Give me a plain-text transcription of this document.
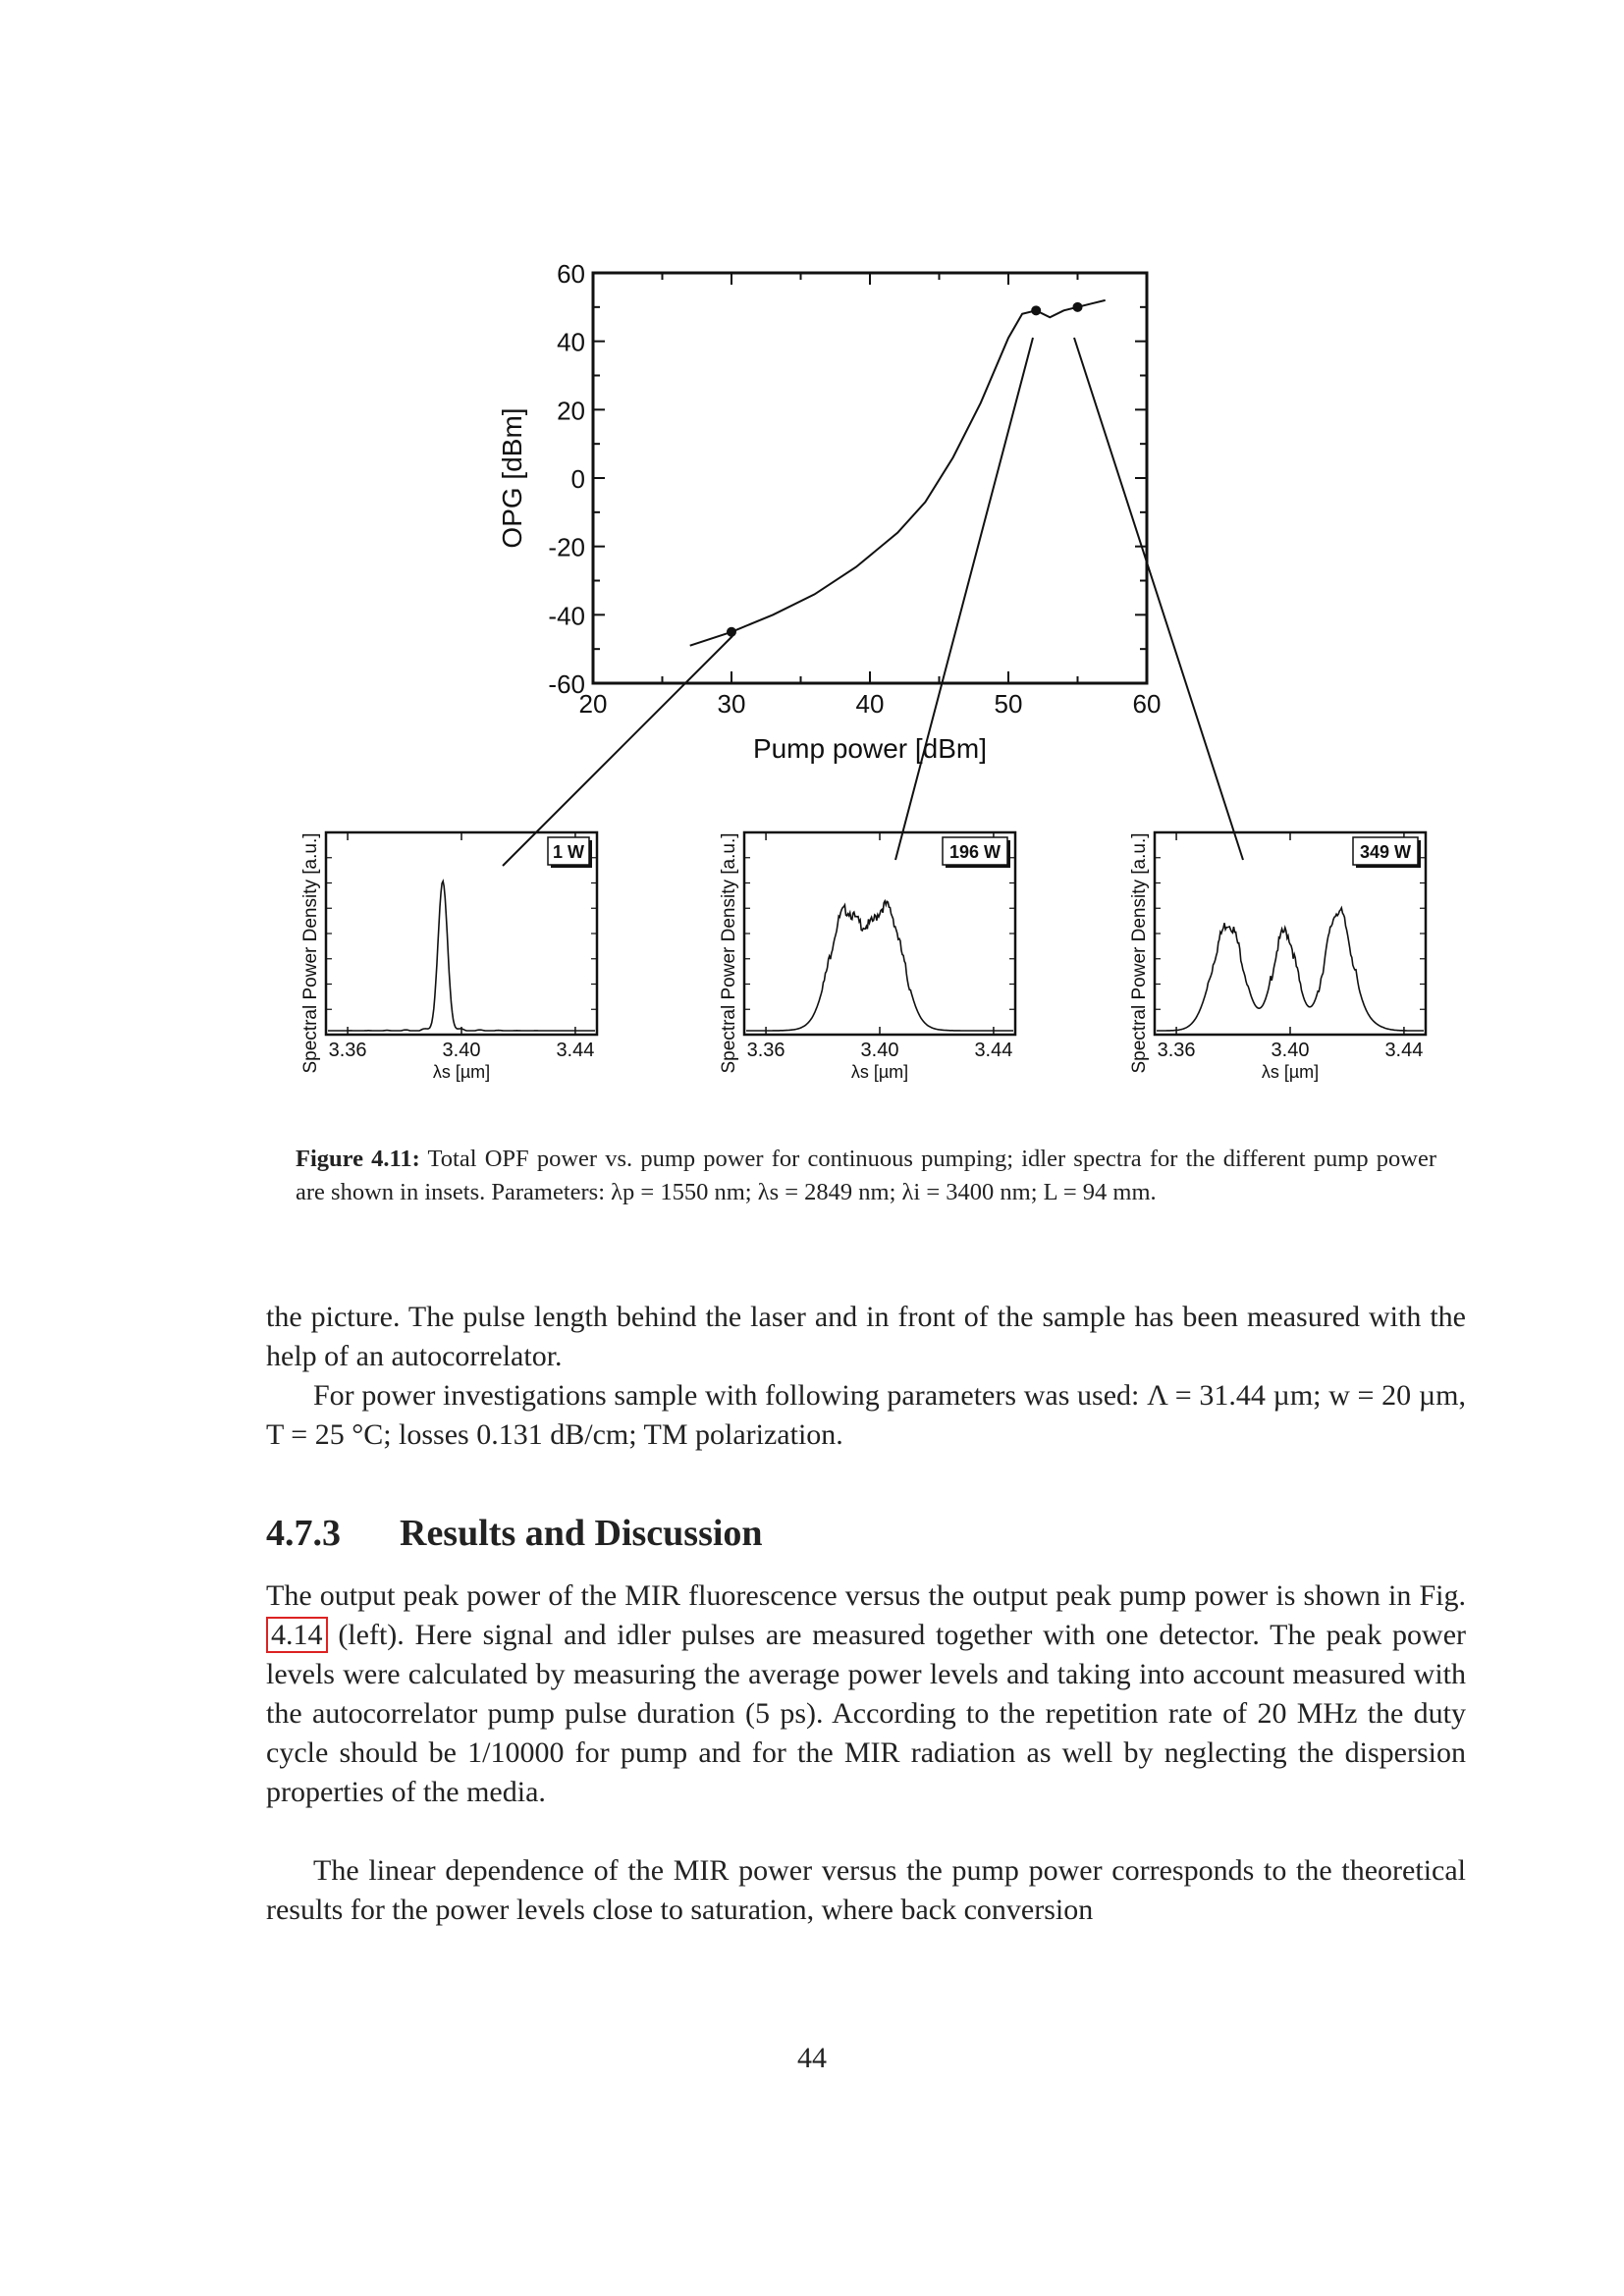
60
40
20
0
-20
-40
-60
20	30	40	50	60
OPG [dBm]
Pump power [dBm]
3.36	3.40	3.44
λs [µm]
Spectral Power Density [a.u.]	1 W
3.36	3.40	3.44
λs [µm]
Spectral Power Density [a.u.]	196 W
3.36	3.40	3.44
λs [µm]
Spectral Power Density [a.u.]	349 W
Figure 4.11: Total OPF power vs. pump power for continuous pumping; idler spectra for the different pump power are shown in insets. Parameters: λp = 1550 nm; λs = 2849 nm; λi = 3400 nm; L = 94 mm.
the picture. The pulse length behind the laser and in front of the sample has been measured with the help of an autocorrelator.
For power investigations sample with following parameters was used: Λ = 31.44 µm; w = 20 µm, T = 25 °C; losses 0.131 dB/cm; TM polarization.
4.7.3 Results and Discussion
The output peak power of the MIR fluorescence versus the output peak pump power is shown in Fig. 4.14 (left). Here signal and idler pulses are measured together with one detector. The peak power levels were calculated by measuring the average power levels and taking into account measured with the autocorrelator pump pulse duration (5 ps). According to the repetition rate of 20 MHz the duty cycle should be 1/10000 for pump and for the MIR radiation as well by neglecting the dispersion properties of the media.
The linear dependence of the MIR power versus the pump power corresponds to the theoretical results for the power levels close to saturation, where back conversion
44
